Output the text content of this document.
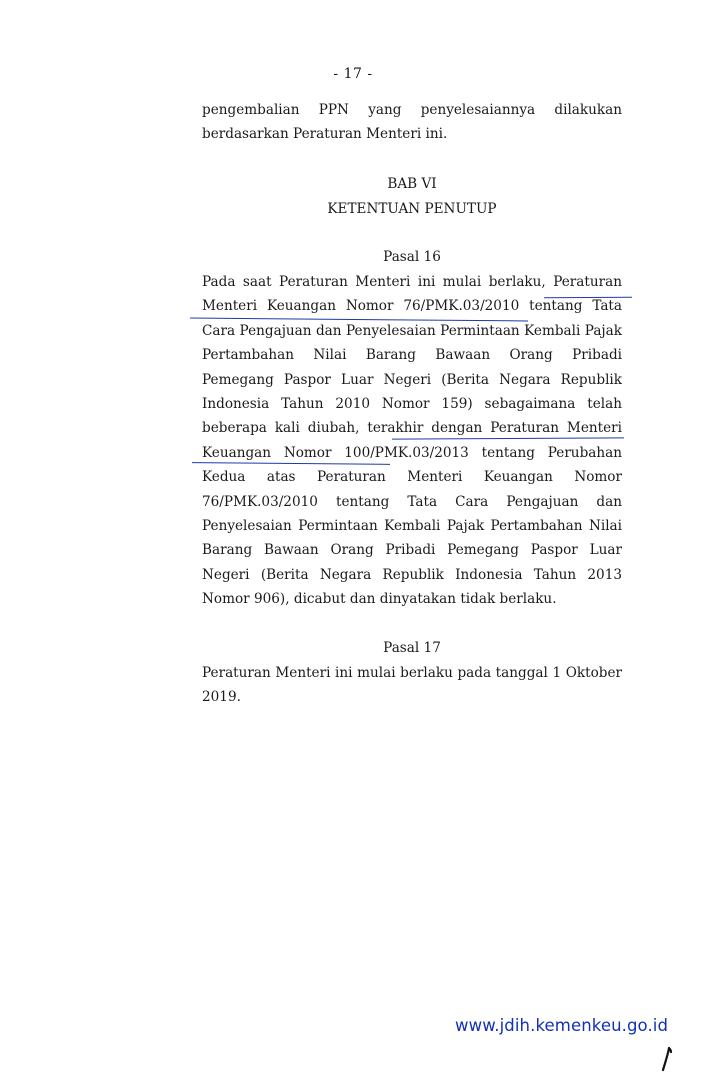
- 17 -

pengembalian PPN yang penyelesaiannya dilakukan berdasarkan Peraturan Menteri ini.

BAB VI
KETENTUAN PENUTUP
Pasal 16

Pada saat Peraturan Menteri ini mulai berlaku, Peraturan Menteri Keuangan Nomor 76/PMK.03/2010 tentang Tata Cara Pengajuan dan Penyelesaian Permintaan Kembali Pajak Pertambahan Nilai Barang Bawaan Orang Pribadi Pemegang Paspor Luar Negeri (Berita Negara Republik Indonesia Tahun 2010 Nomor 159) sebagaimana telah beberapa kali diubah, terakhir dengan Peraturan Menteri Keuangan Nomor 100/PMK.03/2013 tentang Perubahan Kedua atas Peraturan Menteri Keuangan Nomor 76/PMK.03/2010 tentang Tata Cara Pengajuan dan Penyelesaian Permintaan Kembali Pajak Pertambahan Nilai Barang Bawaan Orang Pribadi Pemegang Paspor Luar Negeri (Berita Negara Republik Indonesia Tahun 2013 Nomor 906), dicabut dan dinyatakan tidak berlaku.

Pasal 17

Peraturan Menteri ini mulai berlaku pada tanggal 1 Oktober 2019.

www.jdih.kemenkeu.go.id
